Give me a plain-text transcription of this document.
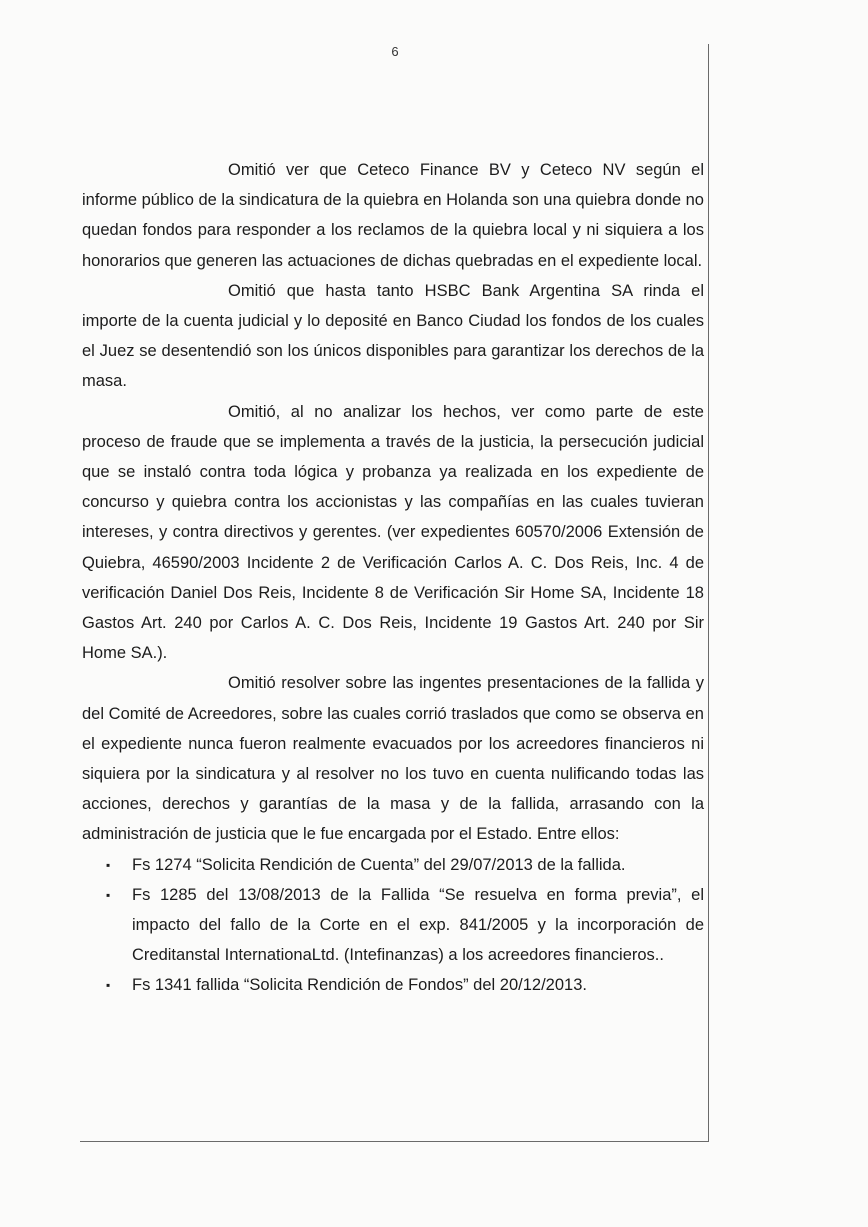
6

Omitió ver que Ceteco Finance BV y Ceteco NV según el informe público de la sindicatura de la quiebra en Holanda son una quiebra donde no quedan fondos para responder a los reclamos de la quiebra local y ni siquiera a los honorarios que generen las actuaciones de dichas quebradas en el expediente local.

Omitió que hasta tanto HSBC Bank Argentina SA rinda el importe de la cuenta judicial y lo deposité en Banco Ciudad los fondos de los cuales el Juez se desentendió son los únicos disponibles para garantizar los derechos de la masa.

Omitió, al no analizar los hechos, ver como parte de este proceso de fraude que se implementa a través de la justicia, la persecución judicial que se instaló contra toda lógica y probanza ya realizada en los expediente de concurso y quiebra contra los accionistas y las compañías en las cuales tuvieran intereses, y contra directivos y gerentes. (ver expedientes 60570/2006 Extensión de Quiebra, 46590/2003 Incidente 2 de Verificación Carlos A. C. Dos Reis, Inc. 4 de verificación Daniel Dos Reis, Incidente 8 de Verificación Sir Home SA, Incidente 18 Gastos Art. 240 por Carlos A. C. Dos Reis, Incidente 19 Gastos Art. 240 por Sir Home SA.).

Omitió resolver sobre las ingentes presentaciones de la fallida y del Comité de Acreedores, sobre las cuales corrió traslados que como se observa en el expediente nunca fueron realmente evacuados por los acreedores financieros ni siquiera por la sindicatura y al resolver no los tuvo en cuenta nulificando todas las acciones, derechos y garantías de la masa y de la fallida, arrasando con la administración de justicia que le fue encargada por el Estado. Entre ellos:

▪ Fs 1274 “Solicita Rendición de Cuenta” del 29/07/2013 de la fallida.
▪ Fs 1285 del 13/08/2013 de la Fallida “Se resuelva en forma previa”, el impacto del fallo de la Corte en el exp. 841/2005 y la incorporación de Creditanstal InternationaLtd. (Intefinanzas) a los acreedores financieros..
▪ Fs 1341 fallida “Solicita Rendición de Fondos” del 20/12/2013.
